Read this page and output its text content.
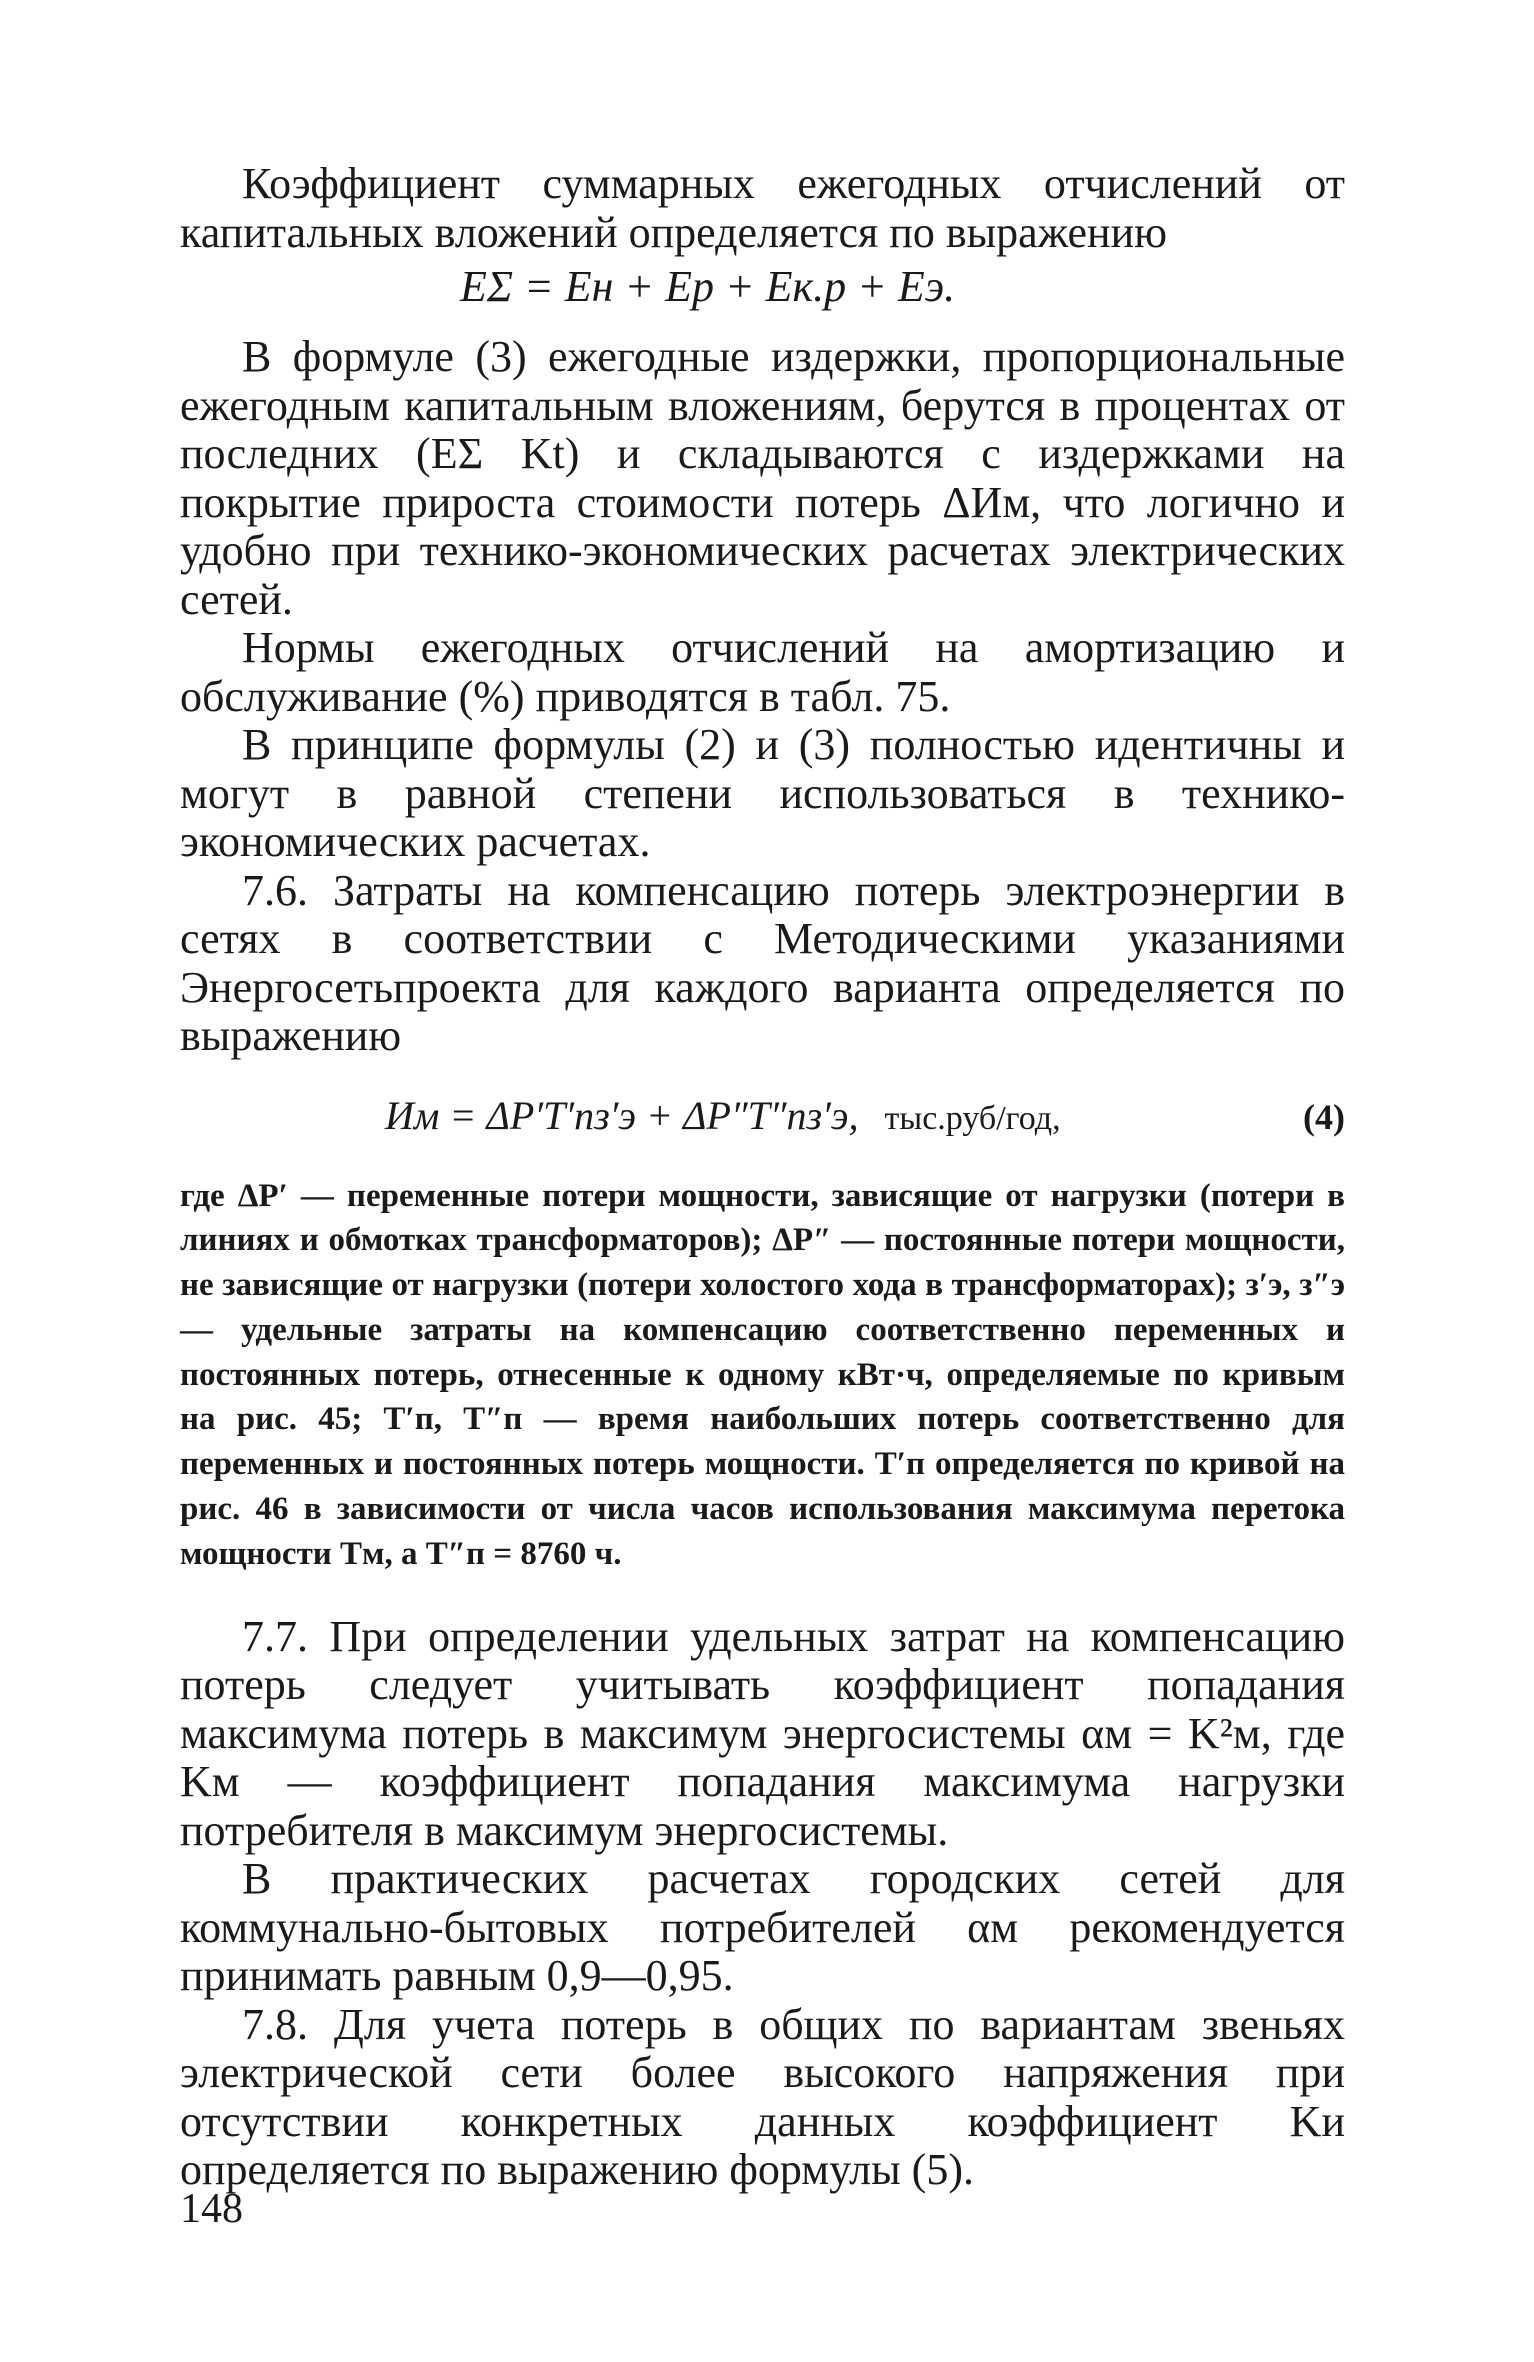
Коэффициент суммарных ежегодных отчислений от капитальных вложений определяется по выражению

EΣ = Eн + Eр + Eк.р + Eэ.

В формуле (3) ежегодные издержки, пропорциональные ежегодным капитальным вложениям, берутся в процентах от последних (EΣ Kt) и складываются с издержками на покрытие прироста стоимости потерь ΔИм, что логично и удобно при технико-экономических расчетах электрических сетей.

Нормы ежегодных отчислений на амортизацию и обслуживание (%) приводятся в табл. 75.

В принципе формулы (2) и (3) полностью идентичны и могут в равной степени использоваться в технико-экономических расчетах.

7.6. Затраты на компенсацию потерь электроэнергии в сетях в соответствии с Методическими указаниями Энергосетьпроекта для каждого варианта определяется по выражению

Им = ΔP′T′пз′э + ΔP″T″пз′э, тыс.руб/год,	(4)

где ΔP′ — переменные потери мощности, зависящие от нагрузки (потери в линиях и обмотках трансформаторов); ΔP″ — постоянные потери мощности, не зависящие от нагрузки (потери холостого хода в трансформаторах); з′э, з″э — удельные затраты на компенсацию соответственно переменных и постоянных потерь, отнесенные к одному кВт·ч, определяемые по кривым на рис. 45; T′п, T″п — время наибольших потерь соответственно для переменных и постоянных потерь мощности. T′п определяется по кривой на рис. 46 в зависимости от числа часов использования максимума перетока мощности Tм, а T″п = 8760 ч.

7.7. При определении удельных затрат на компенсацию потерь следует учитывать коэффициент попадания максимума потерь в максимум энергосистемы αм = K²м, где Kм — коэффициент попадания максимума нагрузки потребителя в максимум энергосистемы.

В практических расчетах городских сетей для коммунально-бытовых потребителей αм рекомендуется принимать равным 0,9—0,95.

7.8. Для учета потерь в общих по вариантам звеньях электрической сети более высокого напряжения при отсутствии конкретных данных коэффициент Kи определяется по выражению формулы (5).

148
